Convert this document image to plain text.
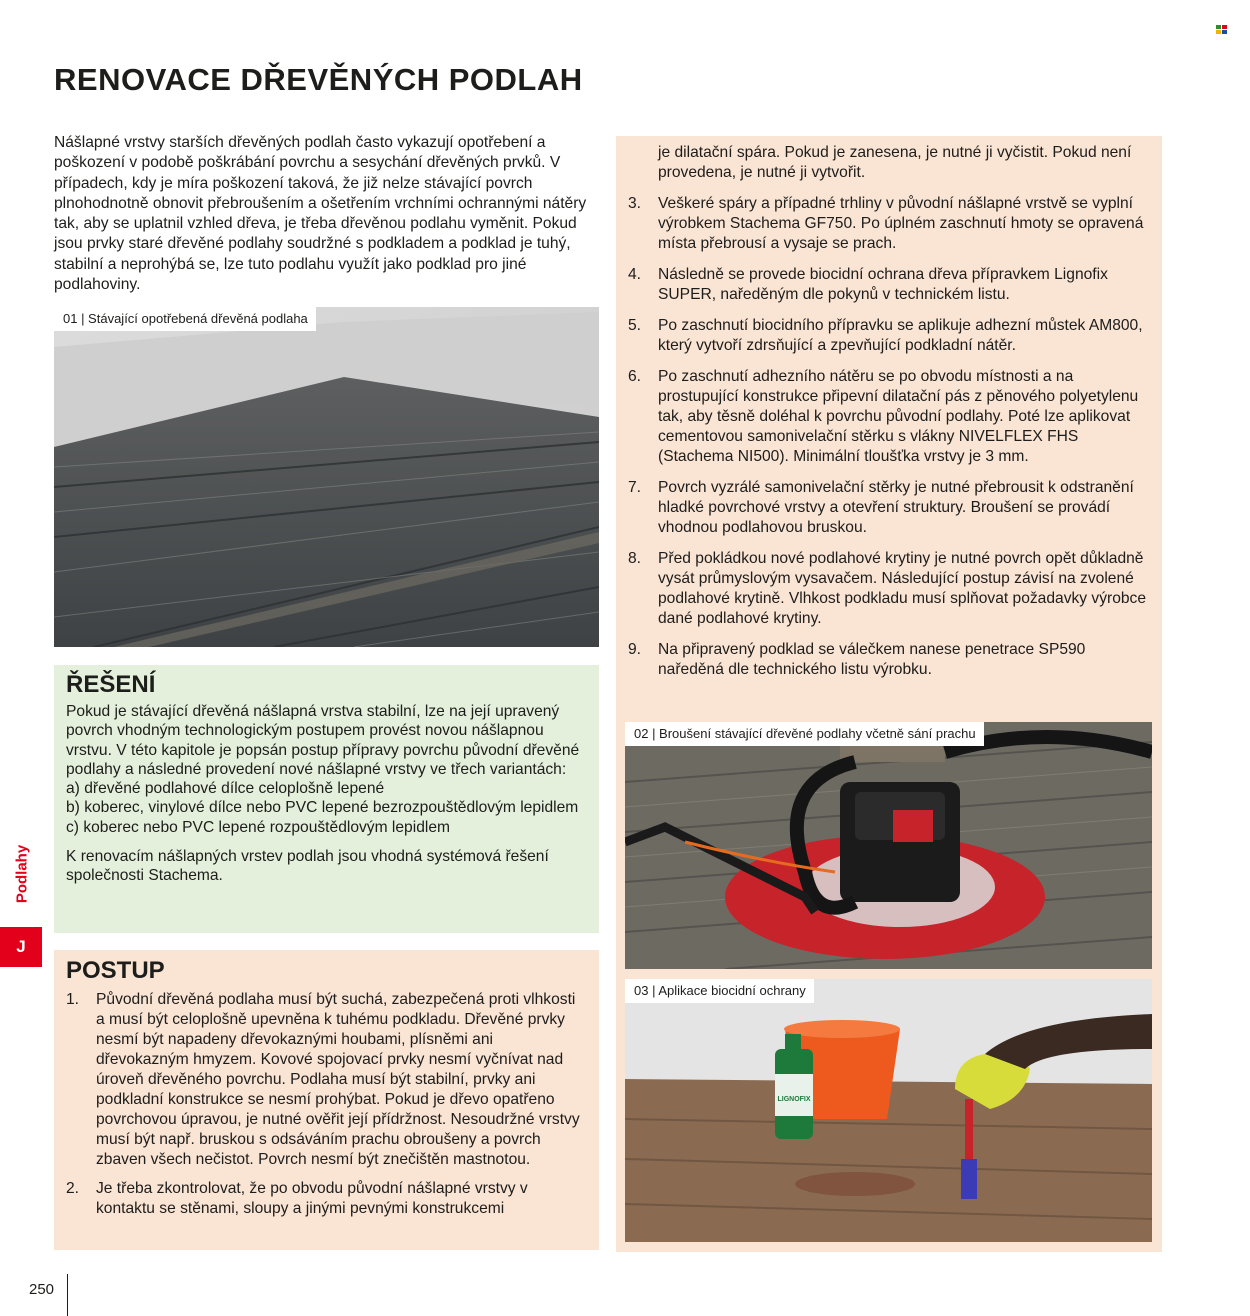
RENOVACE DŘEVĚNÝCH PODLAH
Nášlapné vrstvy starších dřevěných podlah často vykazují opotřebení a poškození v podobě poškrábání povrchu a sesychání dřevěných prvků. V případech, kdy je míra poškození taková, že již nelze stávající povrch plnohodnotně obnovit přebroušením a ošetřením vrchními ochrannými nátěry tak, aby se uplatnil vzhled dřeva, je třeba dřevěnou podlahu vyměnit. Pokud jsou prvky staré dřevěné podlahy soudržné s podkladem a podklad je tuhý, stabilní a neprohýbá se, lze tuto podlahu využít jako podklad pro jiné podlahoviny.
01 | Stávající opotřebená dřevěná podlaha
ŘEŠENÍ
Pokud je stávající dřevěná nášlapná vrstva stabilní, lze na její upravený povrch vhodným technologickým postupem provést novou nášlapnou vrstvu. V této kapitole je popsán postup přípravy povrchu původní dřevěné podlahy a následné provedení nové nášlapné vrstvy ve třech variantách:
a) dřevěné podlahové dílce celoplošně lepené
b) koberec, vinylové dílce nebo PVC lepené bezrozpouštědlovým lepidlem
c) koberec nebo PVC lepené rozpouštědlovým lepidlem
K renovacím nášlapných vrstev podlah jsou vhodná systémová řešení společnosti Stachema.
POSTUP
1. Původní dřevěná podlaha musí být suchá, zabezpečená proti vlhkosti a musí být celoplošně upevněna k tuhému podkladu. Dřevěné prvky nesmí být napadeny dřevokaznými houbami, plísněmi ani dřevokazným hmyzem. Kovové spojovací prvky nesmí vyčnívat nad úroveň dřevěného povrchu. Podlaha musí být stabilní, prvky ani podkladní konstrukce se nesmí prohýbat. Pokud je dřevo opatřeno povrchovou úpravou, je nutné ověřit její přídržnost. Nesoudržné vrstvy musí být např. bruskou s odsáváním prachu obroušeny a povrch zbaven všech nečistot. Povrch nesmí být znečištěn mastnotou.
2. Je třeba zkontrolovat, že po obvodu původní nášlapné vrstvy v kontaktu se stěnami, sloupy a jinými pevnými konstrukcemi
je dilatační spára. Pokud je zanesena, je nutné ji vyčistit. Pokud není provedena, je nutné ji vytvořit.
3. Veškeré spáry a případné trhliny v původní nášlapné vrstvě se vyplní výrobkem Stachema GF750. Po úplném zaschnutí hmoty se opravená místa přebrousí a vysaje se prach.
4. Následně se provede biocidní ochrana dřeva přípravkem Lignofix SUPER, naředěným dle pokynů v technickém listu.
5. Po zaschnutí biocidního přípravku se aplikuje adhezní můstek AM800, který vytvoří zdrsňující a zpevňující podkladní nátěr.
6. Po zaschnutí adhezního nátěru se po obvodu místnosti a na prostupující konstrukce připevní dilatační pás z pěnového polyetylenu tak, aby těsně doléhal k povrchu původní podlahy. Poté lze aplikovat cementovou samonivelační stěrku s vlákny NIVELFLEX FHS (Stachema NI500). Minimální tloušťka vrstvy je 3 mm.
7. Povrch vyzrálé samonivelační stěrky je nutné přebrousit k odstranění hladké povrchové vrstvy a otevření struktury. Broušení se provádí vhodnou podlahovou bruskou.
8. Před pokládkou nové podlahové krytiny je nutné povrch opět důkladně vysát průmyslovým vysavačem. Následující postup závisí na zvolené podlahové krytině. Vlhkost podkladu musí splňovat požadavky výrobce dané podlahové krytiny.
9. Na připravený podklad se válečkem nanese penetrace SP590 naředěná dle technického listu výrobku.
02 | Broušení stávající dřevěné podlahy včetně sání prachu
LIGNOFIX
03 | Aplikace biocidní ochrany
Podlahy
J
250
